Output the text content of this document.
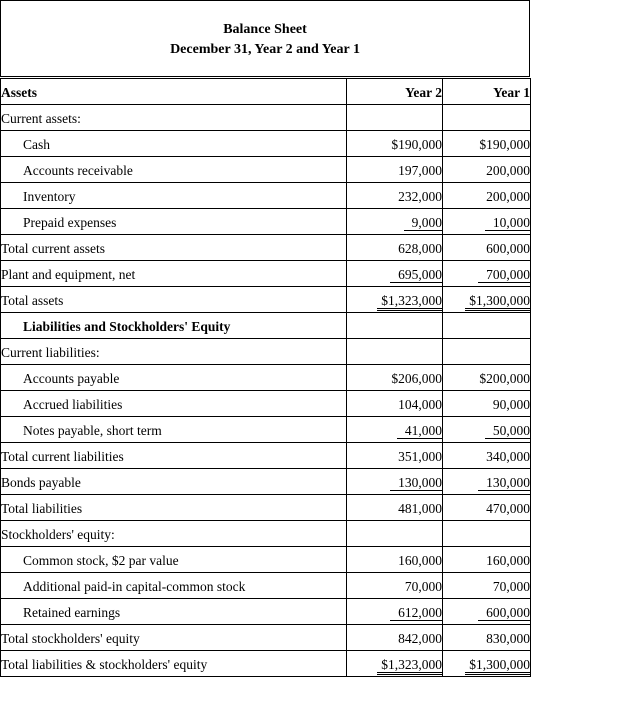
Balance Sheet
December 31, Year 2 and Year 1
Assets	Year 2	Year 1
Current assets:		
Cash	$190,000	$190,000
Accounts receivable	197,000	200,000
Inventory	232,000	200,000
Prepaid expenses	9,000	10,000
Total current assets	628,000	600,000
Plant and equipment, net	695,000	700,000
Total assets	$1,323,000	$1,300,000
Liabilities and Stockholders' Equity		
Current liabilities:		
Accounts payable	$206,000	$200,000
Accrued liabilities	104,000	90,000
Notes payable, short term	41,000	50,000
Total current liabilities	351,000	340,000
Bonds payable	130,000	130,000
Total liabilities	481,000	470,000
Stockholders' equity:		
Common stock, $2 par value	160,000	160,000
Additional paid-in capital-common stock	70,000	70,000
Retained earnings	612,000	600,000
Total stockholders' equity	842,000	830,000
Total liabilities & stockholders' equity	$1,323,000	$1,300,000
